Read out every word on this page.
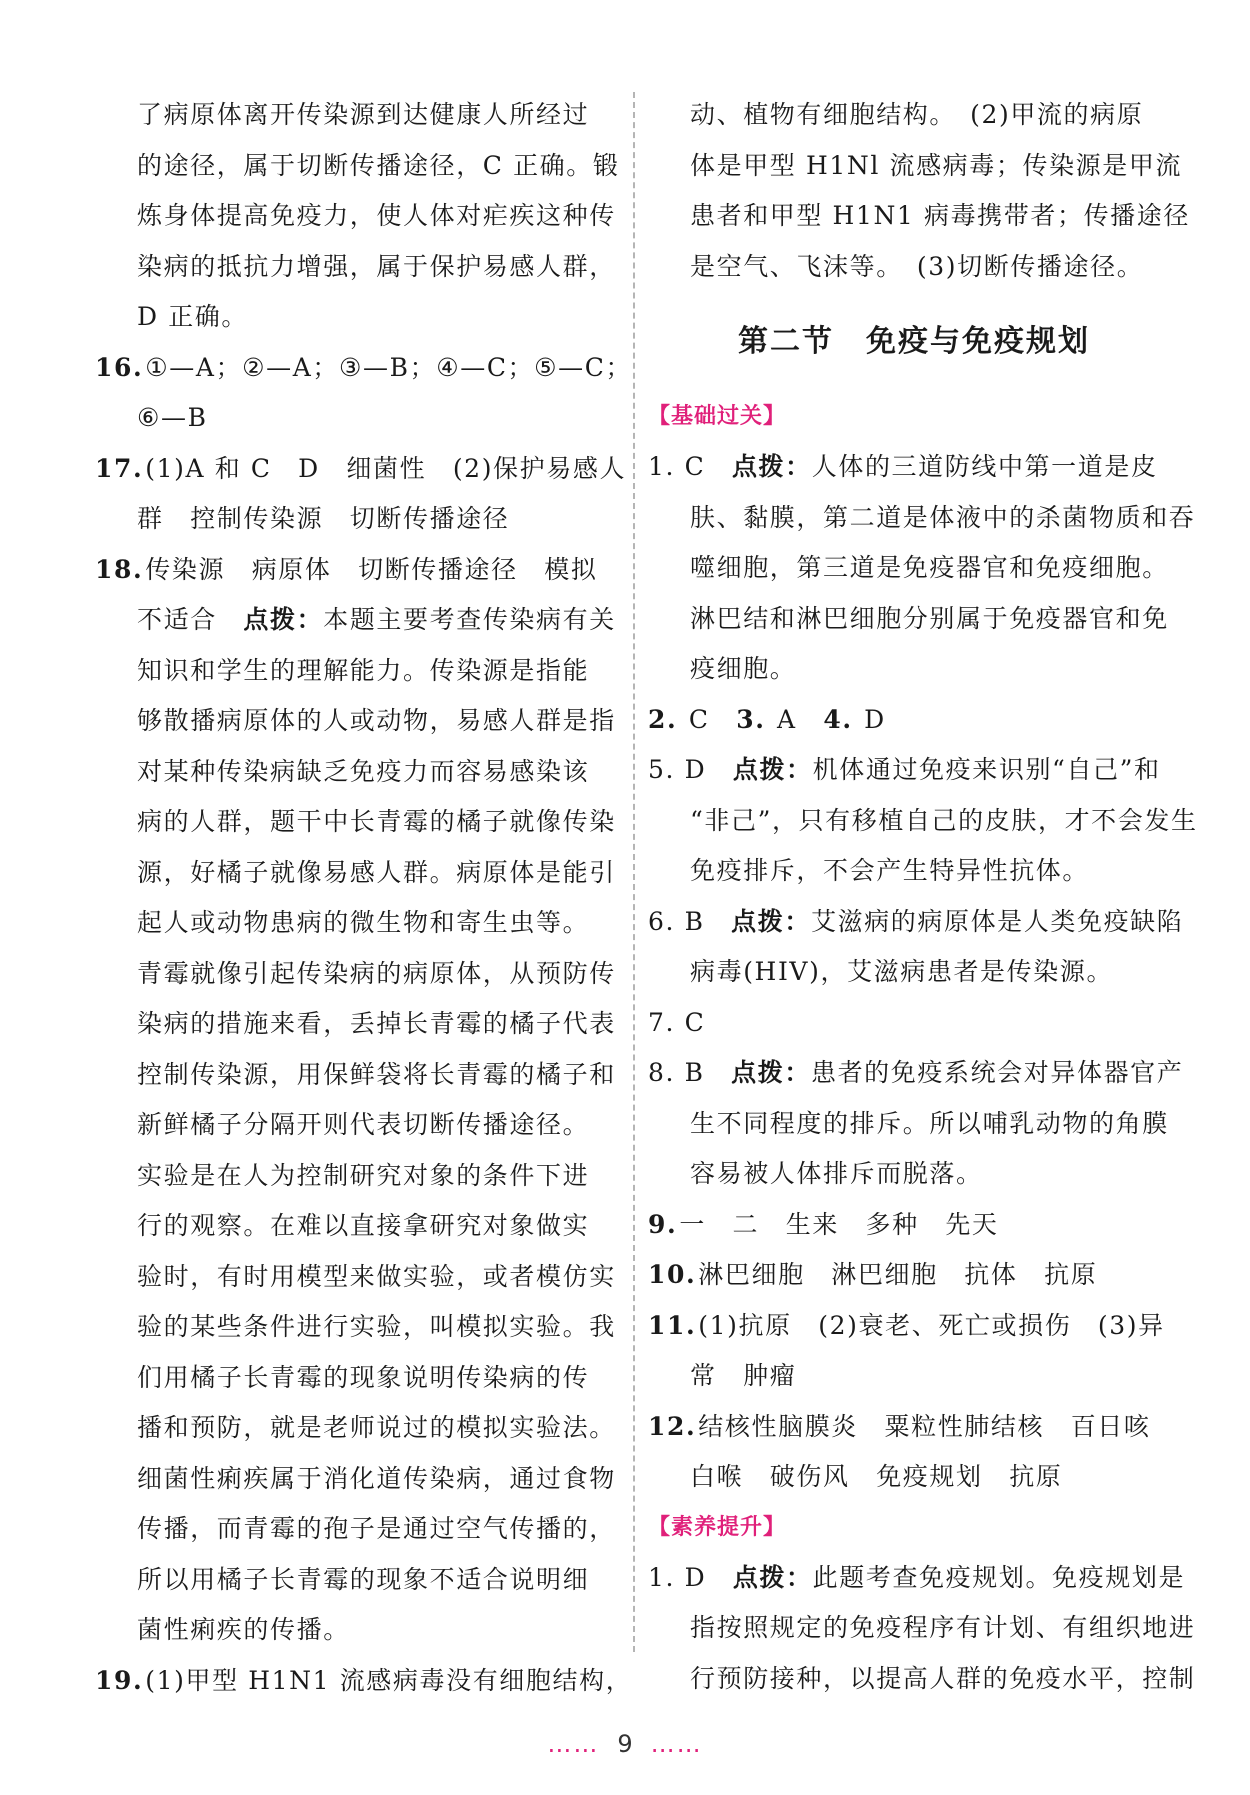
了病原体离开传染源到达健康人所经过
的途径，属于切断传播途径，C 正确。锻
炼身体提高免疫力，使人体对疟疾这种传
染病的抵抗力增强，属于保护易感人群，
D 正确。
16.①—A；②—A；③—B；④—C；⑤—C；
⑥—B
17.(1)A 和 C　D　细菌性　(2)保护易感人
群　控制传染源　切断传播途径
18.传染源　病原体　切断传播途径　模拟
不适合　点拨：本题主要考查传染病有关
知识和学生的理解能力。传染源是指能
够散播病原体的人或动物，易感人群是指
对某种传染病缺乏免疫力而容易感染该
病的人群，题干中长青霉的橘子就像传染
源，好橘子就像易感人群。病原体是能引
起人或动物患病的微生物和寄生虫等。
青霉就像引起传染病的病原体，从预防传
染病的措施来看，丢掉长青霉的橘子代表
控制传染源，用保鲜袋将长青霉的橘子和
新鲜橘子分隔开则代表切断传播途径。
实验是在人为控制研究对象的条件下进
行的观察。在难以直接拿研究对象做实
验时，有时用模型来做实验，或者模仿实
验的某些条件进行实验，叫模拟实验。我
们用橘子长青霉的现象说明传染病的传
播和预防，就是老师说过的模拟实验法。
细菌性痢疾属于消化道传染病，通过食物
传播，而青霉的孢子是通过空气传播的，
所以用橘子长青霉的现象不适合说明细
菌性痢疾的传播。
19.(1)甲型 H1N1 流感病毒没有细胞结构，
动、植物有细胞结构。　(2)甲流的病原
体是甲型 H1Nl 流感病毒；传染源是甲流
患者和甲型 H1N1 病毒携带者；传播途径
是空气、飞沫等。　(3)切断传播途径。
第二节　免疫与免疫规划
【基础过关】
1. C　点拨：人体的三道防线中第一道是皮
肤、黏膜，第二道是体液中的杀菌物质和吞
噬细胞，第三道是免疫器官和免疫细胞。
淋巴结和淋巴细胞分别属于免疫器官和免
疫细胞。
2. C　3. A　4. D
5. D　点拨：机体通过免疫来识别“自己”和
“非己”，只有移植自己的皮肤，才不会发生
免疫排斥，不会产生特异性抗体。
6. B　点拨：艾滋病的病原体是人类免疫缺陷
病毒(HIV)，艾滋病患者是传染源。
7. C
8. B　点拨：患者的免疫系统会对异体器官产
生不同程度的排斥。所以哺乳动物的角膜
容易被人体排斥而脱落。
9.一　二　生来　多种　先天
10.淋巴细胞　淋巴细胞　抗体　抗原
11.(1)抗原　(2)衰老、死亡或损伤　(3)异
常　肿瘤
12.结核性脑膜炎　粟粒性肺结核　百日咳
白喉　破伤风　免疫规划　抗原
【素养提升】
1. D　点拨：此题考查免疫规划。免疫规划是
指按照规定的免疫程序有计划、有组织地进
行预防接种，以提高人群的免疫水平，控制
…… 9 ……
